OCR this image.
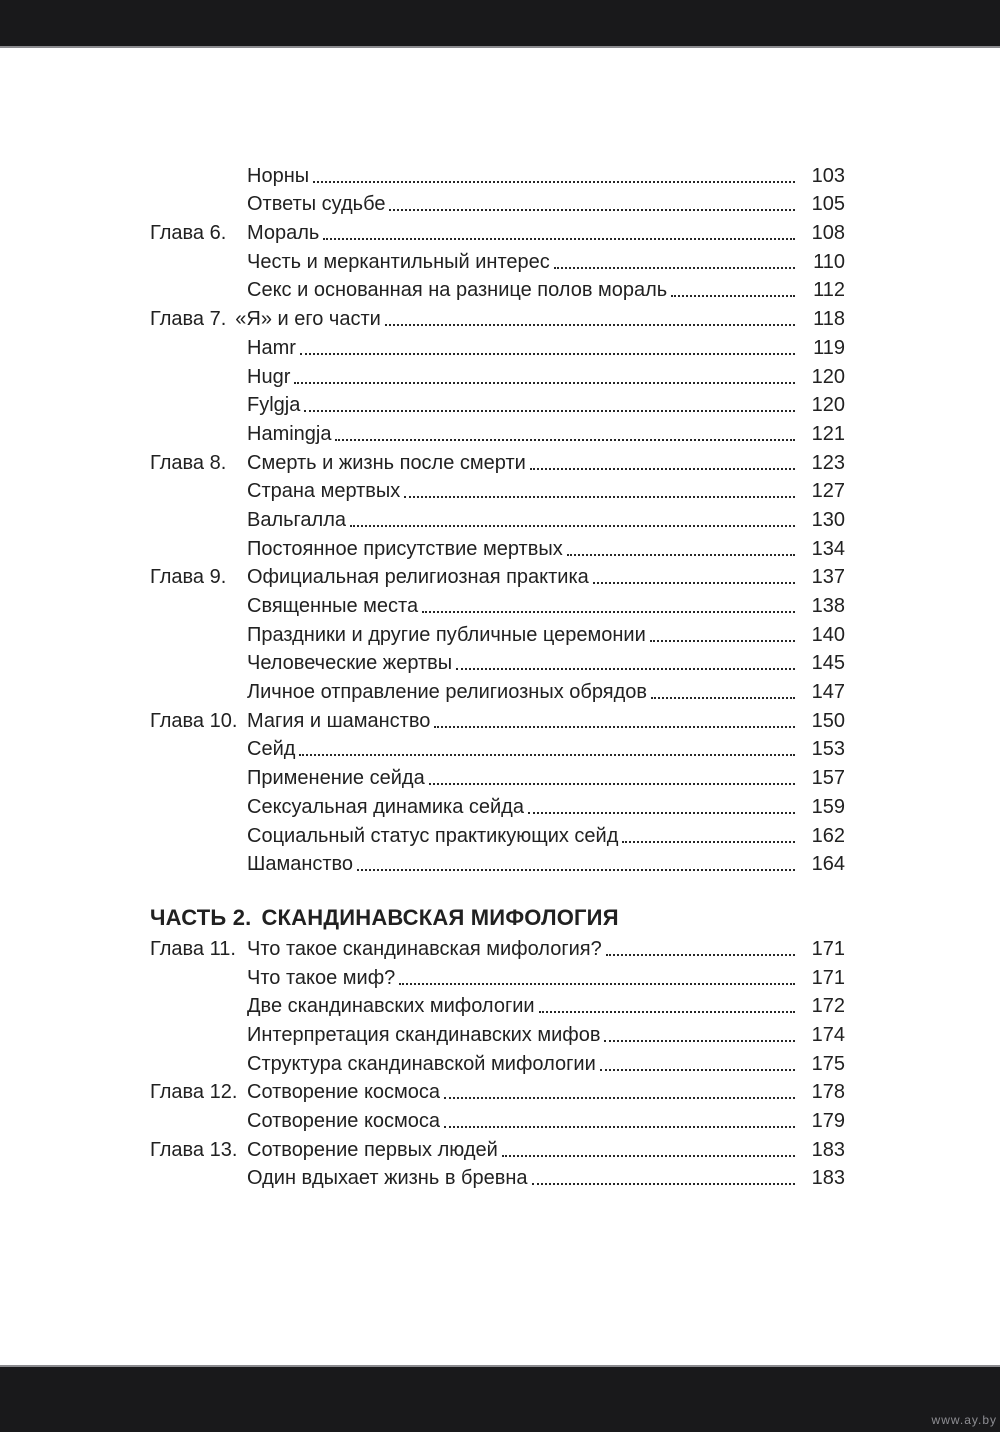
Норны	103
Ответы судьбе	105
Глава 6.	Мораль	108
Честь и меркантильный интерес	110
Секс и основанная на разнице полов мораль	112
Глава 7. «Я» и его части	118
Hamr	119
Hugr	120
Fylgja	120
Hamingja	121
Глава 8.	Смерть и жизнь после смерти	123
Страна мертвых	127
Вальгалла	130
Постоянное присутствие мертвых	134
Глава 9.	Официальная религиозная практика	137
Священные места	138
Праздники и другие публичные церемонии	140
Человеческие жертвы	145
Личное отправление религиозных обрядов	147
Глава 10. Магия и шаманство	150
Сейд	153
Применение сейда	157
Сексуальная динамика сейда	159
Социальный статус практикующих сейд	162
Шаманство	164
ЧАСТЬ 2. СКАНДИНАВСКАЯ МИФОЛОГИЯ
Глава 11. Что такое скандинавская мифология?	171
Что такое миф?	171
Две скандинавских мифологии	172
Интерпретация скандинавских мифов	174
Структура скандинавской мифологии	175
Глава 12. Сотворение космоса	178
Сотворение космоса	179
Глава 13. Сотворение первых людей	183
Один вдыхает жизнь в бревна	183
www.ay.by
